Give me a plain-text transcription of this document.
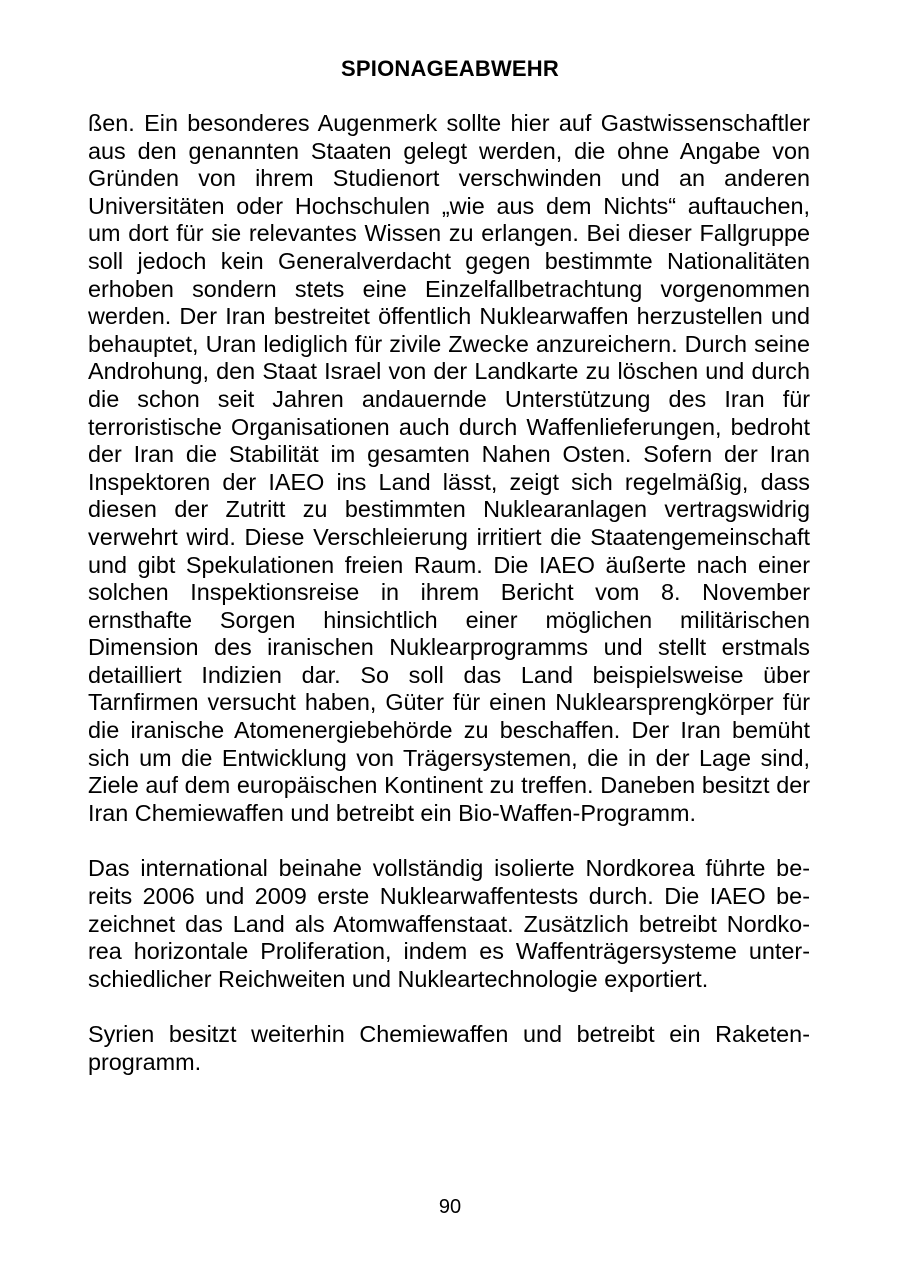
SPIONAGEABWEHR

ßen. Ein besonderes Augenmerk sollte hier auf Gastwissenschaftler aus den genannten Staaten gelegt werden, die ohne Angabe von Gründen von ihrem Studienort verschwinden und an anderen Universitäten oder Hochschulen „wie aus dem Nichts“ auftauchen, um dort für sie relevantes Wissen zu erlangen. Bei dieser Fallgruppe soll jedoch kein Generalverdacht gegen bestimmte Nationalitäten erhoben sondern stets eine Einzelfallbetrachtung vorgenommen werden. Der Iran bestreitet öffentlich Nuklearwaffen herzustellen und behauptet, Uran lediglich für zivile Zwecke anzureichern. Durch seine Androhung, den Staat Israel von der Landkarte zu löschen und durch die schon seit Jahren andauernde Unterstützung des Iran für terroristische Organisationen auch durch Waffenlieferungen, bedroht der Iran die Stabilität im gesamten Nahen Osten. Sofern der Iran Inspektoren der IAEO ins Land lässt, zeigt sich regelmäßig, dass diesen der Zutritt zu bestimmten Nuklearanlagen vertragswidrig verwehrt wird. Diese Verschleierung irritiert die Staatengemeinschaft und gibt Spekulationen freien Raum. Die IAEO äußerte nach einer solchen Inspektionsreise in ihrem Bericht vom 8. November ernsthafte Sorgen hinsichtlich einer möglichen militärischen Dimension des iranischen Nuklearprogramms und stellt erstmals detailliert Indizien dar. So soll das Land beispielsweise über Tarnfirmen versucht haben, Güter für einen Nuklearsprengkörper für die iranische Atomenergiebehörde zu beschaffen. Der Iran bemüht sich um die Entwicklung von Trägersystemen, die in der Lage sind, Ziele auf dem europäischen Kontinent zu treffen. Daneben besitzt der Iran Chemiewaffen und betreibt ein Bio-Waffen-Programm.

Das international beinahe vollständig isolierte Nordkorea führte bereits 2006 und 2009 erste Nuklearwaffentests durch. Die IAEO bezeichnet das Land als Atomwaffenstaat. Zusätzlich betreibt Nordkorea horizontale Proliferation, indem es Waffenträgersysteme unterschiedlicher Reichweiten und Nukleartechnologie exportiert.

Syrien besitzt weiterhin Chemiewaffen und betreibt ein Raketenprogramm.

90
